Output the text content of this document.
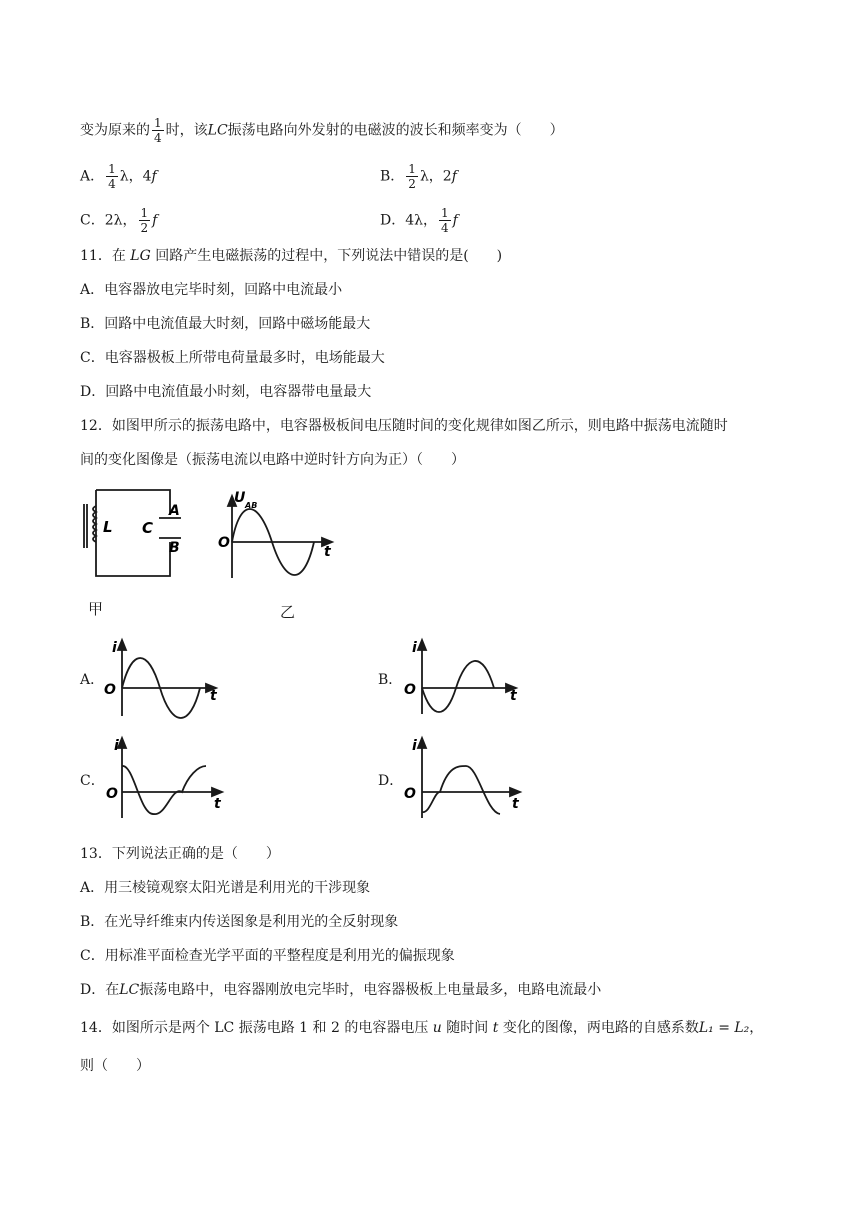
变为原来的 $\frac{1}{4}$ 时，该LC振荡电路向外发射的电磁波的波长和频率变为（　　）
A． $\frac{1}{4}$ λ，4f	B． $\frac{1}{2}$ λ，2f
C．2λ， $\frac{1}{2}$ f	D．4λ， $\frac{1}{4}$ f
11．在 LG 回路产生电磁振荡的过程中，下列说法中错误的是(　　)
A．电容器放电完毕时刻，回路中电流最小
B．回路中电流值最大时刻，回路中磁场能最大
C．电容器极板上所带电荷量最多时，电场能最大
D．回路中电流值最小时刻，电容器带电量最大
12．如图甲所示的振荡电路中，电容器极板间电压随时间的变化规律如图乙所示，则电路中振荡电流随时
间的变化图像是（振荡电流以电路中逆时针方向为正）（　　）
L C
A
B
甲
U AB
O
t
乙
A．
i
O	t
B．
i
O	t
C．
i
O
t
D．
i
O
t
13．下列说法正确的是（　　）
A．用三棱镜观察太阳光谱是利用光的干涉现象
B．在光导纤维束内传送图象是利用光的全反射现象
C．用标准平面检查光学平面的平整程度是利用光的偏振现象
D．在LC振荡电路中，电容器刚放电完毕时，电容器极板上电量最多，电路电流最小
14．如图所示是两个 LC 振荡电路 1 和 2 的电容器电压 u 随时间 t 变化的图像，两电路的自感系数L₁ = L₂，
则（　　）
